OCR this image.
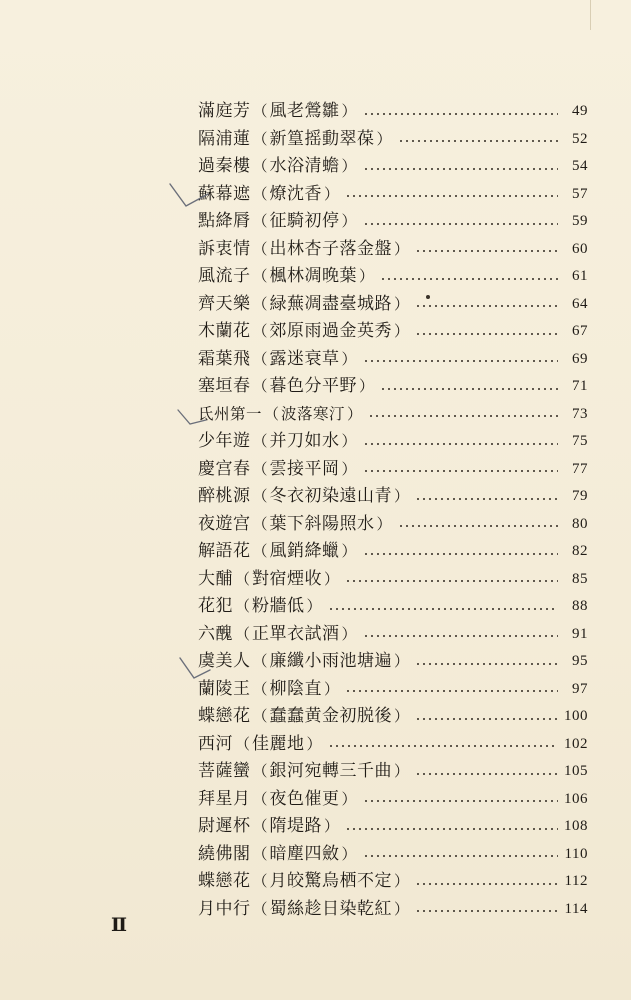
滿庭芳 （ 風老鶯雛 ）	49
隔浦蓮 （ 新篁摇動翠葆 ）	52
過秦樓 （ 水浴清蟾 ）	54
蘇幕遮 （ 燎沈香 ）	57
點絳脣 （ 征騎初停 ）	59
訴衷情 （ 出林杏子落金盤 ）	60
風流子 （ 楓林凋晚葉 ）	61
齊天樂 （ 緑蕪凋盡臺城路 ）	64
木蘭花 （ 郊原雨過金英秀 ）	67
霜葉飛 （ 露迷衰草 ）	69
塞垣春 （ 暮色分平野 ）	71
氐州第一 （ 波落寒汀 ）	73
少年遊 （ 并刀如水 ）	75
慶宫春 （ 雲接平岡 ）	77
醉桃源 （ 冬衣初染遠山青 ）	79
夜遊宫 （ 葉下斜陽照水 ）	80
解語花 （ 風銷絳蠟 ）	82
大酺 （ 對宿煙收 ）	85
花犯 （ 粉牆低 ）	88
六醜 （ 正單衣試酒 ）	91
虞美人 （ 廉纖小雨池塘遍 ）	95
蘭陵王 （ 柳陰直 ）	97
蝶戀花 （ 蠢蠢黄金初脱後 ）	100
西河 （ 佳麗地 ）	102
菩薩蠻 （ 銀河宛轉三千曲 ）	105
拜星月 （ 夜色催更 ）	106
尉遲杯 （ 隋堤路 ）	108
繞佛閣 （ 暗塵四斂 ）	110
蝶戀花 （ 月皎驚烏栖不定 ）	112
月中行 （ 蜀絲趁日染乾紅 ）	114
Ⅱ
